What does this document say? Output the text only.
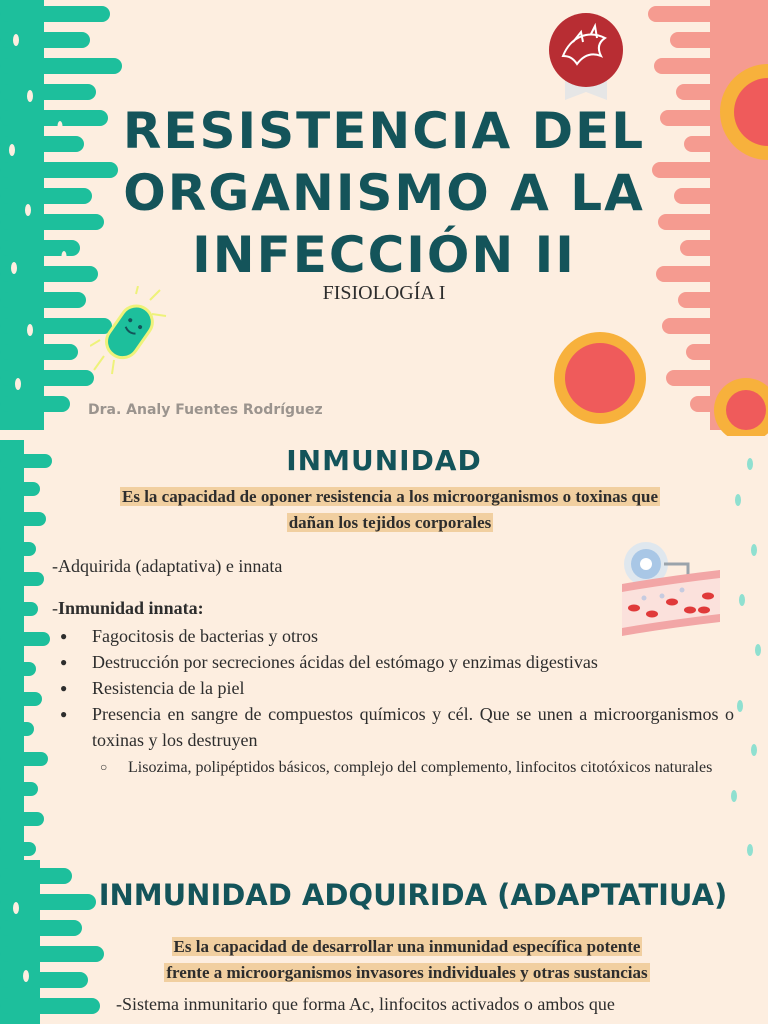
RESISTENCIA DEL
ORGANISMO A LA
INFECCIÓN II
FISIOLOGÍA I
Dra. Analy Fuentes Rodríguez
INMUNIDAD
Es la capacidad de oponer resistencia a los microorganismos o toxinas que
dañan los tejidos corporales
-Adquirida (adaptativa) e innata
-Inmunidad innata:
● Fagocitosis de bacterias y otros
● Destrucción por secreciones ácidas del estómago y enzimas digestivas
● Resistencia de la piel
● Presencia en sangre de compuestos químicos y cél. Que se unen a microorganismos o toxinas y los destruyen
○ Lisozima, polipéptidos básicos, complejo del complemento, linfocitos citotóxicos naturales
INMUNIDAD ADQUIRIDA (ADAPTATIUA)
Es la capacidad de desarrollar una inmunidad específica potente
frente a microorganismos invasores individuales y otras sustancias
-Sistema inmunitario que forma Ac, linfocitos activados o ambos que
